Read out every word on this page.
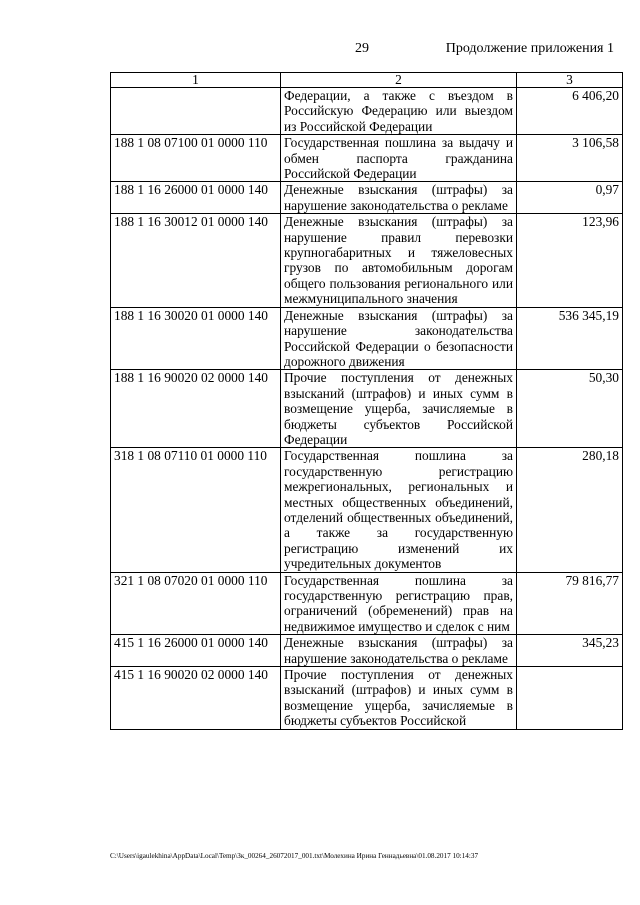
29	Продолжение приложения 1
1	2	3
	Федерации, а также с въездом в Российскую Федерацию или выездом из Российской Федерации	6 406,20
188 1 08 07100 01 0000 110	Государственная пошлина за выдачу и обмен паспорта гражданина Российской Федерации	3 106,58
188 1 16 26000 01 0000 140	Денежные взыскания (штрафы) за нарушение законодательства о рекламе	0,97
188 1 16 30012 01 0000 140	Денежные взыскания (штрафы) за нарушение правил перевозки крупногабаритных и тяжеловесных грузов по автомобильным дорогам общего пользования регионального или межмуниципального значения	123,96
188 1 16 30020 01 0000 140	Денежные взыскания (штрафы) за нарушение законодательства Российской Федерации о безопасности дорожного движения	536 345,19
188 1 16 90020 02 0000 140	Прочие поступления от денежных взысканий (штрафов) и иных сумм в возмещение ущерба, зачисляемые в бюджеты субъектов Российской Федерации	50,30
318 1 08 07110 01 0000 110	Государственная пошлина за государственную регистрацию межрегиональных, региональных и местных общественных объединений, отделений общественных объединений, а также за государственную регистрацию изменений их учредительных документов	280,18
321 1 08 07020 01 0000 110	Государственная пошлина за государственную регистрацию прав, ограничений (обременений) прав на недвижимое имущество и сделок с ним	79 816,77
415 1 16 26000 01 0000 140	Денежные взыскания (штрафы) за нарушение законодательства о рекламе	345,23
415 1 16 90020 02 0000 140	Прочие поступления от денежных взысканий (штрафов) и иных сумм в возмещение ущерба, зачисляемые в бюджеты субъектов Российской	
C:\Users\igaulekhina\AppData\Local\Temp\Зк_00264_26072017_001.txt\Молехина Ирина Геннадьевна\01.08.2017 10:14:37
